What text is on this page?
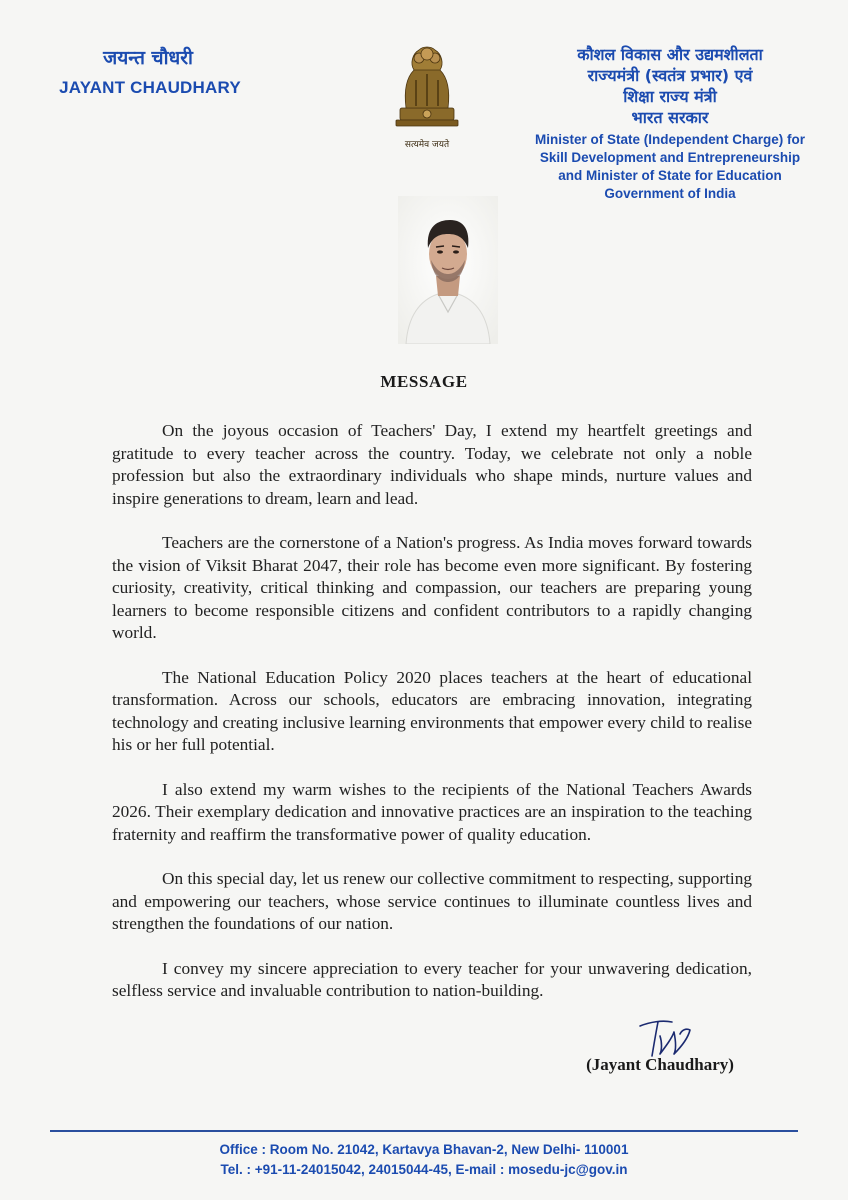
जयन्त चौधरी
JAYANT CHAUDHARY
सत्यमेव जयते
कौशल विकास और उद्यमशीलता
राज्यमंत्री (स्वतंत्र प्रभार) एवं
शिक्षा राज्य मंत्री
भारत सरकार
Minister of State (Independent Charge) for
Skill Development and Entrepreneurship
and Minister of State for Education
Government of India
MESSAGE

On the joyous occasion of Teachers' Day, I extend my heartfelt greetings and gratitude to every teacher across the country. Today, we celebrate not only a noble profession but also the extraordinary individuals who shape minds, nurture values and inspire generations to dream, learn and lead.

Teachers are the cornerstone of a Nation's progress. As India moves forward towards the vision of Viksit Bharat 2047, their role has become even more significant. By fostering curiosity, creativity, critical thinking and compassion, our teachers are preparing young learners to become responsible citizens and confident contributors to a rapidly changing world.

The National Education Policy 2020 places teachers at the heart of educational transformation. Across our schools, educators are embracing innovation, integrating technology and creating inclusive learning environments that empower every child to realise his or her full potential.

I also extend my warm wishes to the recipients of the National Teachers Awards 2026. Their exemplary dedication and innovative practices are an inspiration to the teaching fraternity and reaffirm the transformative power of quality education.

On this special day, let us renew our collective commitment to respecting, supporting and empowering our teachers, whose service continues to illuminate countless lives and strengthen the foundations of our nation.

I convey my sincere appreciation to every teacher for your unwavering dedication, selfless service and invaluable contribution to nation-building.

(Jayant Chaudhary)
Office : Room No. 21042, Kartavya Bhavan-2, New Delhi- 110001
Tel. : +91-11-24015042, 24015044-45, E-mail : mosedu-jc@gov.in
